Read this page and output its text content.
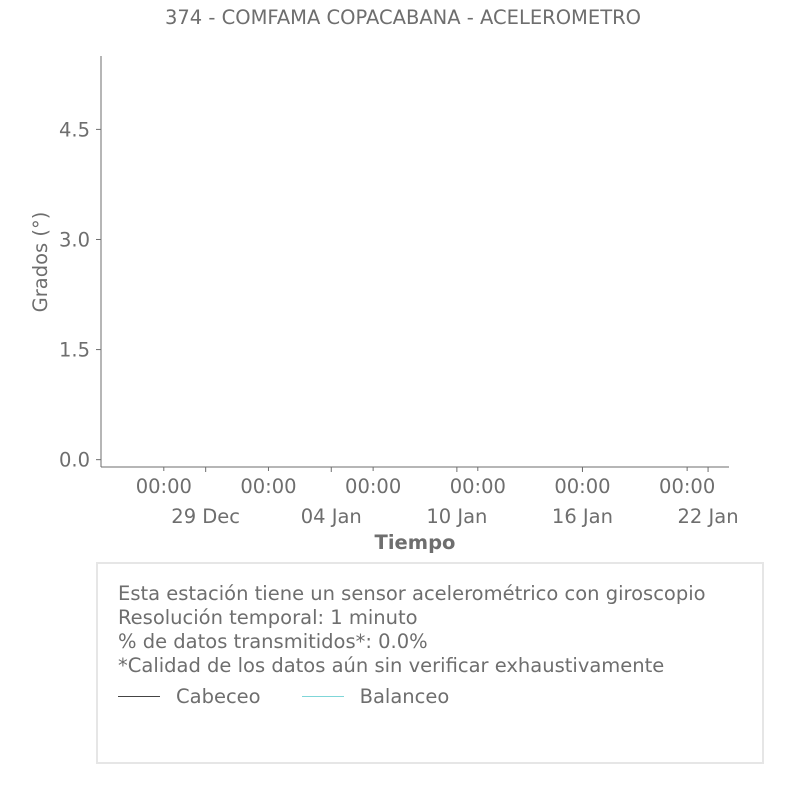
374 - COMFAMA COPACABANA - ACELEROMETRO
0.0
1.5
3.0
4.5
00:00 00:00 00:00 00:00 00:00 00:00
29 Dec	04 Jan	10 Jan	16 Jan	22 Jan
Grados (°)
Tiempo
Esta estación tiene un sensor acelerométrico con giroscopio
Resolución temporal: 1 minuto
% de datos transmitidos*: 0.0%
*Calidad de los datos aún sin verificar exhaustivamente
Cabeceo	Balanceo
